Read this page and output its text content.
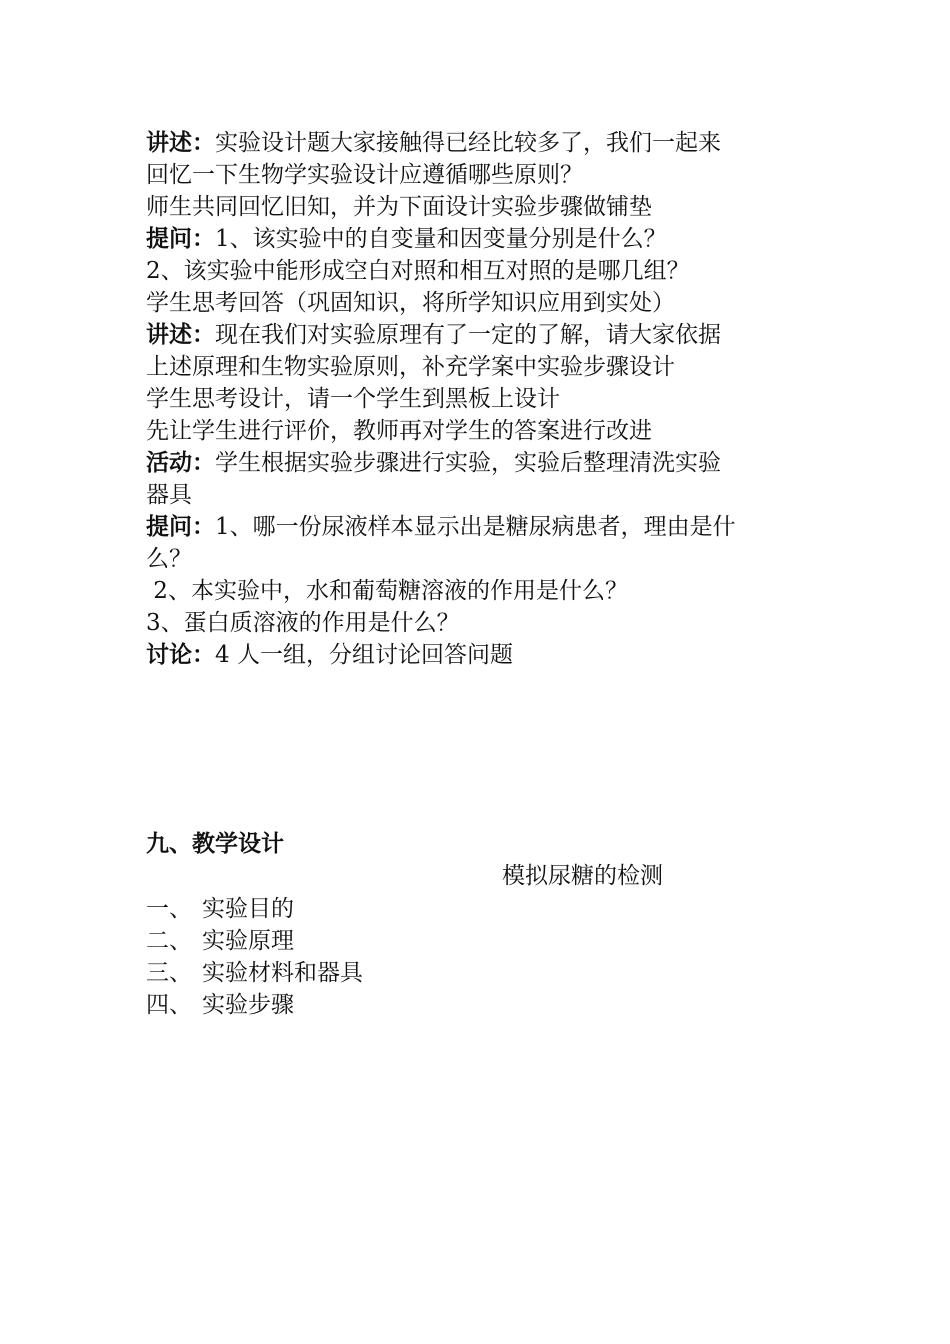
讲述：实验设计题大家接触得已经比较多了，我们一起来
回忆一下生物学实验设计应遵循哪些原则？
师生共同回忆旧知，并为下面设计实验步骤做铺垫
提问：1、该实验中的自变量和因变量分别是什么？
2、该实验中能形成空白对照和相互对照的是哪几组？
学生思考回答（巩固知识，将所学知识应用到实处）
讲述：现在我们对实验原理有了一定的了解，请大家依据
上述原理和生物实验原则，补充学案中实验步骤设计
学生思考设计，请一个学生到黑板上设计
先让学生进行评价，教师再对学生的答案进行改进
活动：学生根据实验步骤进行实验，实验后整理清洗实验
器具
提问：1、哪一份尿液样本显示出是糖尿病患者，理由是什
么？
2、本实验中，水和葡萄糖溶液的作用是什么？
3、蛋白质溶液的作用是什么？
讨论：4 人一组，分组讨论回答问题
九、教学设计
模拟尿糖的检测
一、 实验目的
二、 实验原理
三、 实验材料和器具
四、 实验步骤
